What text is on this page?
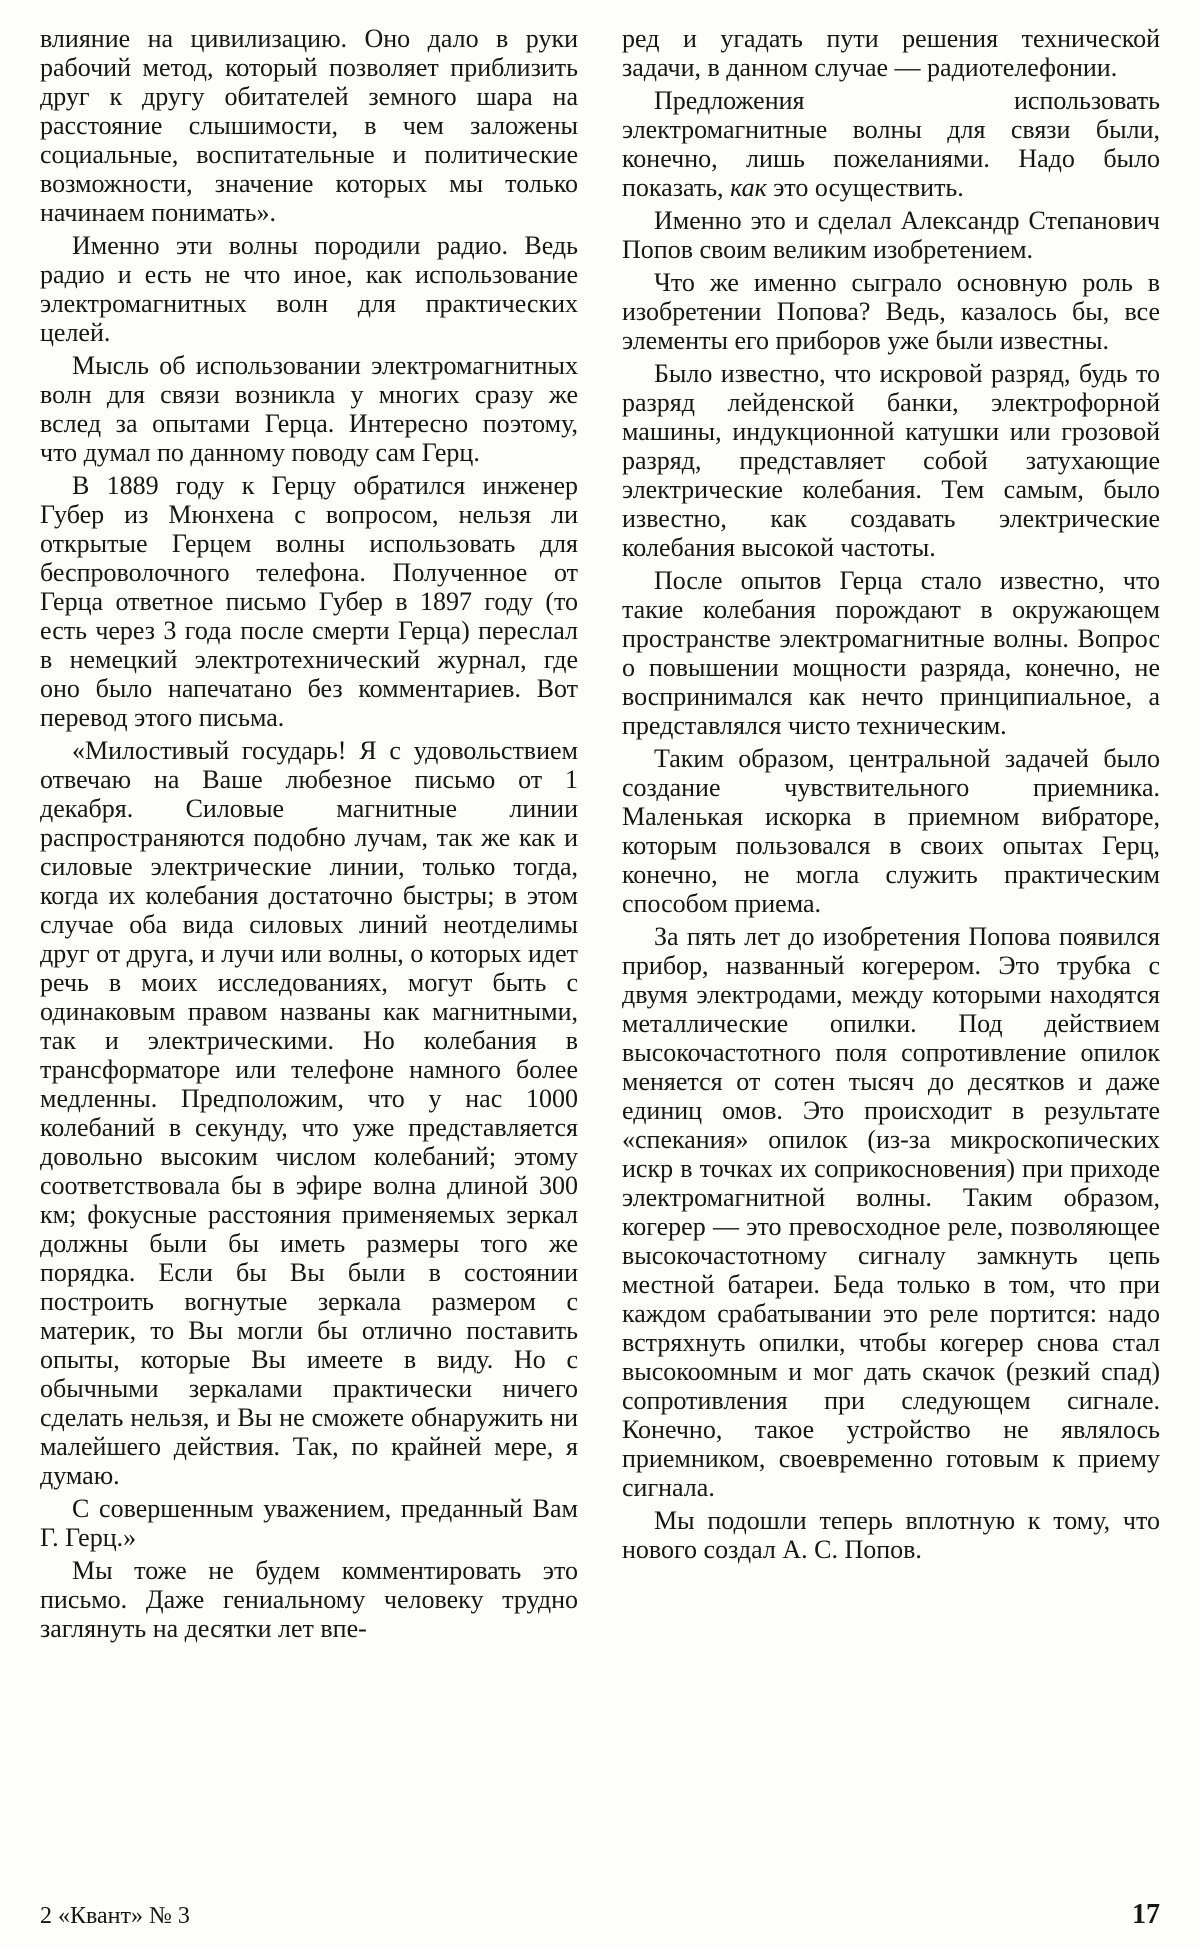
влияние на цивилизацию. Оно дало в руки рабочий метод, который позволяет приблизить друг к другу обитателей земного шара на расстояние слышимости, в чем заложены социальные, воспитательные и политические возможности, значение которых мы только начинаем понимать».

Именно эти волны породили радио. Ведь радио и есть не что иное, как использование электромагнитных волн для практических целей.

Мысль об использовании электромагнитных волн для связи возникла у многих сразу же вслед за опытами Герца. Интересно поэтому, что думал по данному поводу сам Герц.

В 1889 году к Герцу обратился инженер Губер из Мюнхена с вопросом, нельзя ли открытые Герцем волны использовать для беспроволочного телефона. Полученное от Герца ответное письмо Губер в 1897 году (то есть через 3 года после смерти Герца) переслал в немецкий электротехнический журнал, где оно было напечатано без комментариев. Вот перевод этого письма.

«Милостивый государь! Я с удовольствием отвечаю на Ваше любезное письмо от 1 декабря. Силовые магнитные линии распространяются подобно лучам, так же как и силовые электрические линии, только тогда, когда их колебания достаточно быстры; в этом случае оба вида силовых линий неотделимы друг от друга, и лучи или волны, о которых идет речь в моих исследованиях, могут быть с одинаковым правом названы как магнитными, так и электрическими. Но колебания в трансформаторе или телефоне намного более медленны. Предположим, что у нас 1000 колебаний в секунду, что уже представляется довольно высоким числом колебаний; этому соответствовала бы в эфире волна длиной 300 км; фокусные расстояния применяемых зеркал должны были бы иметь размеры того же порядка. Если бы Вы были в состоянии построить вогнутые зеркала размером с материк, то Вы могли бы отлично поставить опыты, которые Вы имеете в виду. Но с обычными зеркалами практически ничего сделать нельзя, и Вы не сможете обнаружить ни малейшего действия. Так, по крайней мере, я думаю.

С совершенным уважением, преданный Вам Г. Герц.»

Мы тоже не будем комментировать это письмо. Даже гениальному человеку трудно заглянуть на десятки лет впе-

ред и угадать пути решения технической задачи, в данном случае — радиотелефонии.

Предложения использовать электромагнитные волны для связи были, конечно, лишь пожеланиями. Надо было показать, как это осуществить.

Именно это и сделал Александр Степанович Попов своим великим изобретением.

Что же именно сыграло основную роль в изобретении Попова? Ведь, казалось бы, все элементы его приборов уже были известны.

Было известно, что искровой разряд, будь то разряд лейденской банки, электрофорной машины, индукционной катушки или грозовой разряд, представляет собой затухающие электрические колебания. Тем самым, было известно, как создавать электрические колебания высокой частоты.

После опытов Герца стало известно, что такие колебания порождают в окружающем пространстве электромагнитные волны. Вопрос о повышении мощности разряда, конечно, не воспринимался как нечто принципиальное, а представлялся чисто техническим.

Таким образом, центральной задачей было создание чувствительного приемника. Маленькая искорка в приемном вибраторе, которым пользовался в своих опытах Герц, конечно, не могла служить практическим способом приема.

За пять лет до изобретения Попова появился прибор, названный когерером. Это трубка с двумя электродами, между которыми находятся металлические опилки. Под действием высокочастотного поля сопротивление опилок меняется от сотен тысяч до десятков и даже единиц омов. Это происходит в результате «спекания» опилок (из-за микроскопических искр в точках их соприкосновения) при приходе электромагнитной волны. Таким образом, когерер — это превосходное реле, позволяющее высокочастотному сигналу замкнуть цепь местной батареи. Беда только в том, что при каждом срабатывании это реле портится: надо встряхнуть опилки, чтобы когерер снова стал высокоомным и мог дать скачок (резкий спад) сопротивления при следующем сигнале. Конечно, такое устройство не являлось приемником, своевременно готовым к приему сигнала.

Мы подошли теперь вплотную к тому, что нового создал А. С. Попов.

2 «Квант» № 3	17
